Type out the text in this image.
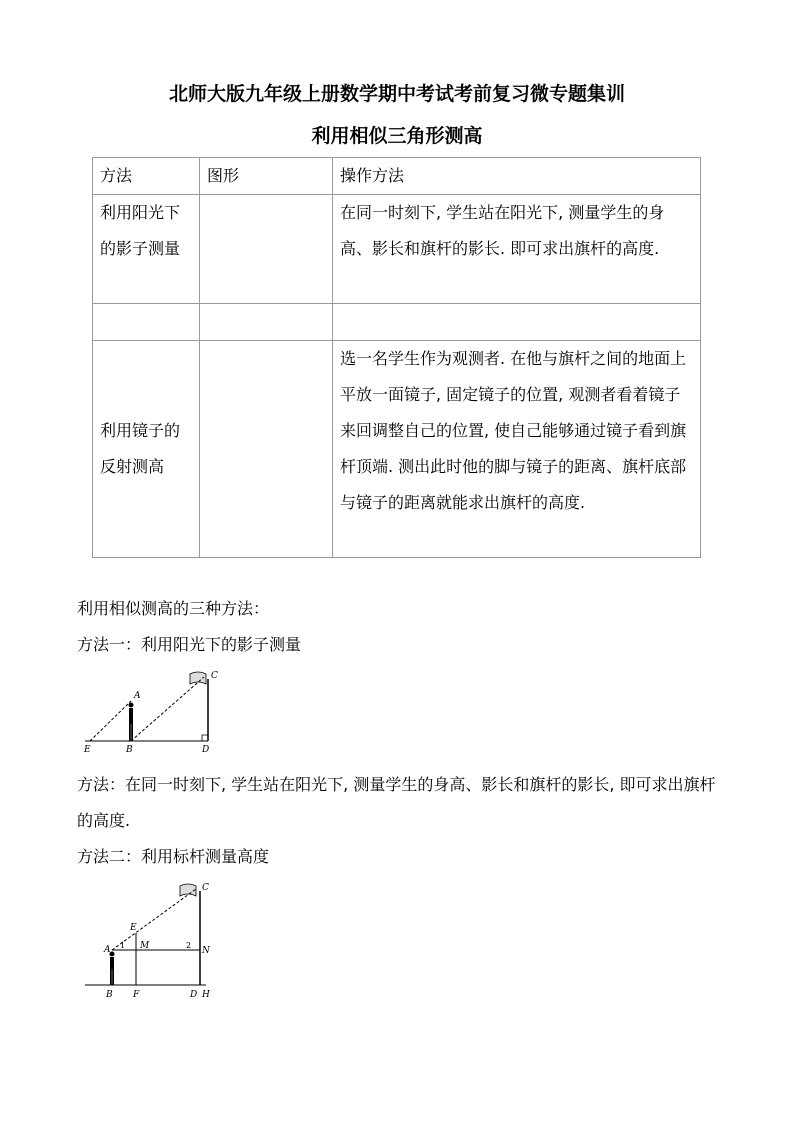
北师大版九年级上册数学期中考试考前复习微专题集训
利用相似三角形测高
方法	图形	操作方法
利用阳光下的影子测量		在同一时刻下, 学生站在阳光下, 测量学生的身高、影长和旗杆的影长. 即可求出旗杆的高度.

利用镜子的反射测高		选一名学生作为观测者. 在他与旗杆之间的地面上平放一面镜子, 固定镜子的位置, 观测者看着镜子来回调整自己的位置, 使自己能够通过镜子看到旗杆顶端. 测出此时他的脚与镜子的距离、旗杆底部与镜子的距离就能求出旗杆的高度.

利用相似测高的三种方法：

方法一：利用阳光下的影子测量

A
B
C
D
E

方法：在同一时刻下, 学生站在阳光下, 测量学生的身高、影长和旗杆的影长, 即可求出旗杆的高度.

方法二：利用标杆测量高度

A
B
C
D
E
F	H
M	N
1	2
